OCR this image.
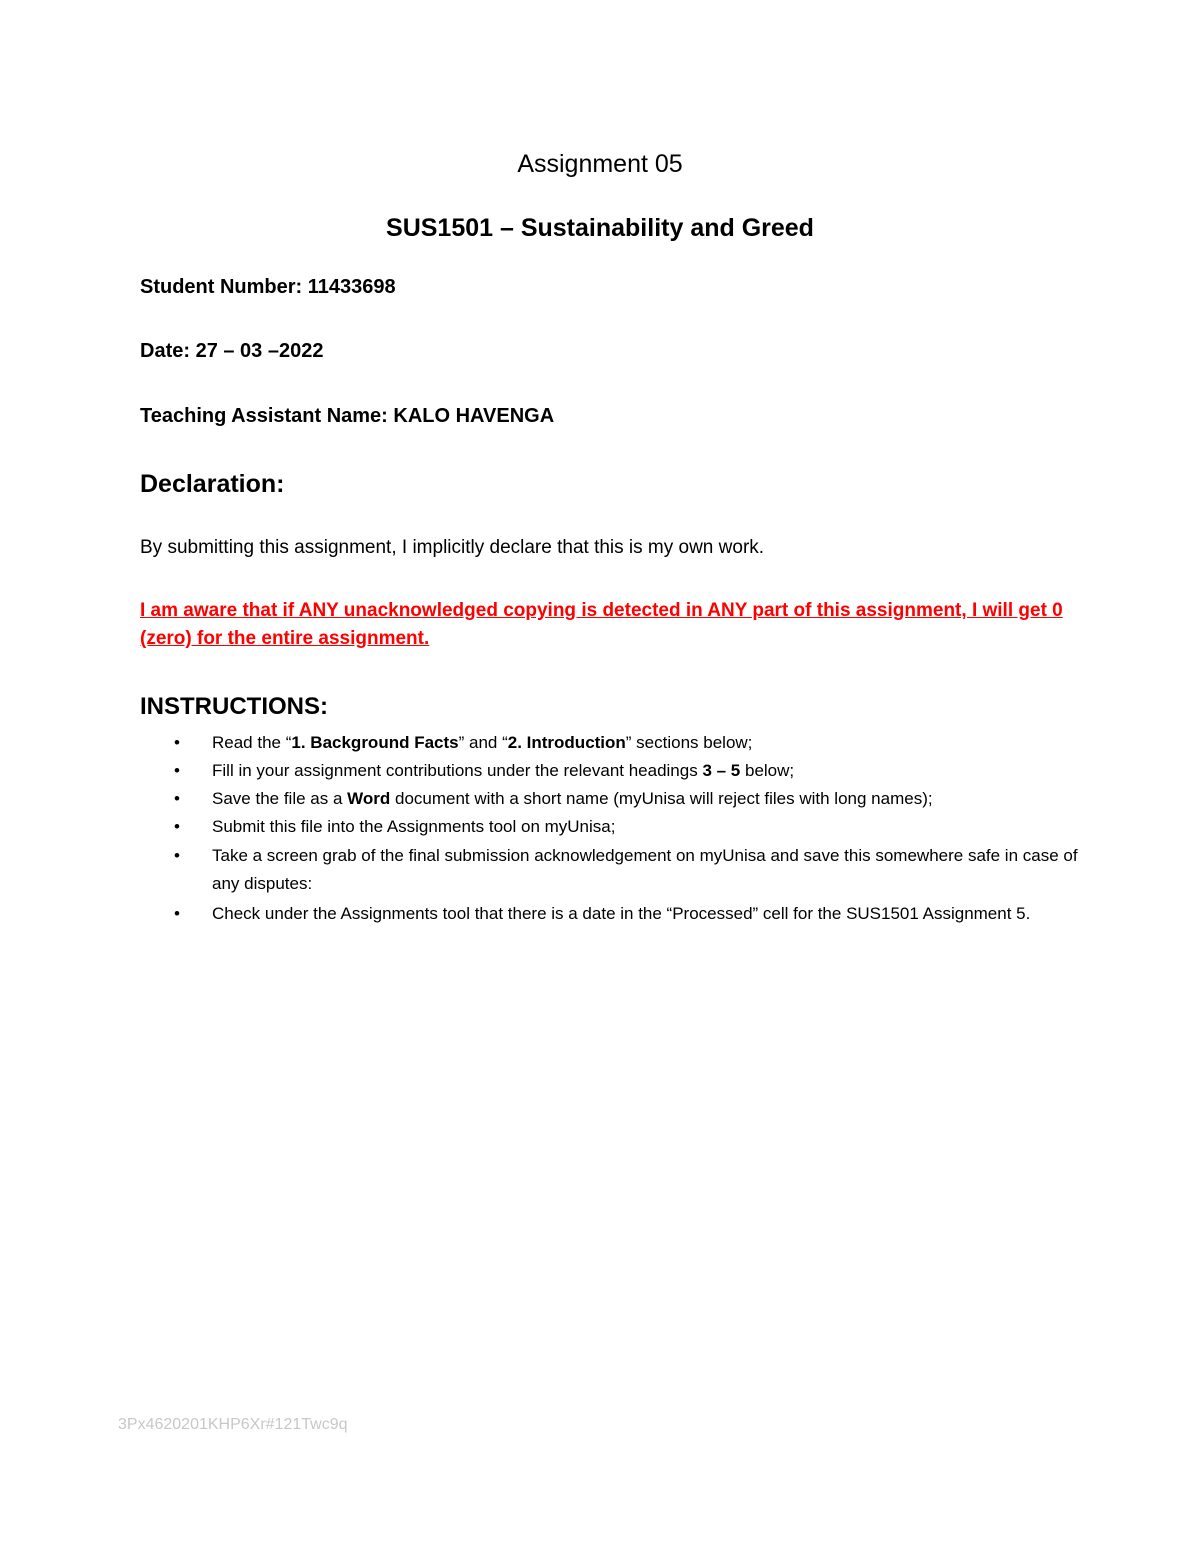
Assignment 05
SUS1501 – Sustainability and Greed

Student Number: 11433698

Date: 27 – 03 –2022

Teaching Assistant Name: KALO HAVENGA

Declaration:

By submitting this assignment, I implicitly declare that this is my own work.

I am aware that if ANY unacknowledged copying is detected in ANY part of this assignment, I will get 0 (zero) for the entire assignment.

INSTRUCTIONS:
• Read the “1. Background Facts” and “2. Introduction” sections below;
• Fill in your assignment contributions under the relevant headings 3 – 5 below;
• Save the file as a Word document with a short name (myUnisa will reject files with long names);
• Submit this file into the Assignments tool on myUnisa;
• Take a screen grab of the final submission acknowledgement on myUnisa and save this somewhere safe in case of any disputes:
• Check under the Assignments tool that there is a date in the “Processed” cell for the SUS1501 Assignment 5.

3Px4620201KHP6Xr#121Twc9q
